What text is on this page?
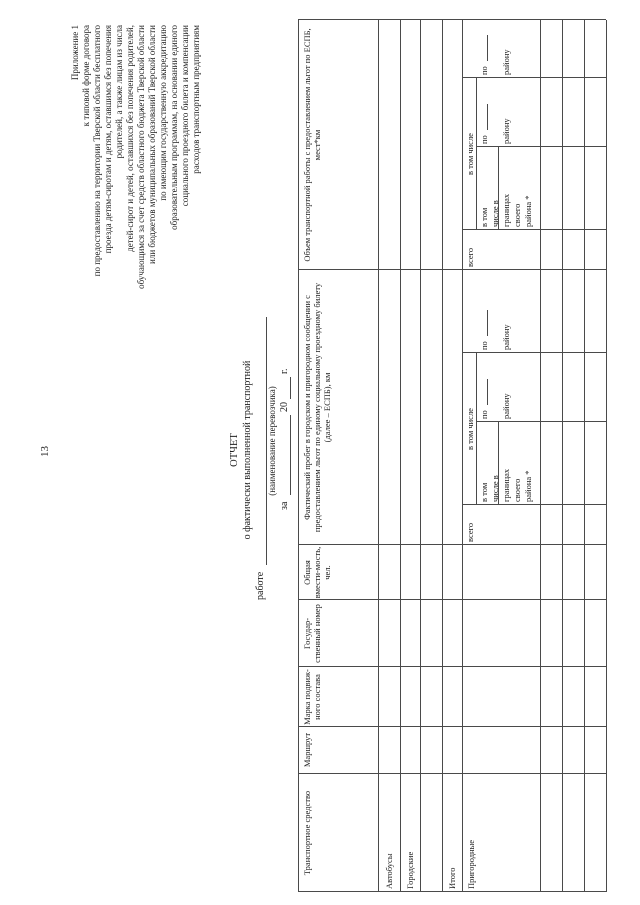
13
Приложение 1 к типовой форме договора по предоставлению на территории Тверской области бесплатного проезда детям-сиротам и детям, оставшимся без попечения родителей, а также лицам из числа детей-сирот и детей, оставшихся без попечения родителей, обучающимся за счет средств областного бюджета Тверской области или бюджетов муниципальных образований Тверской области по имеющим государственную аккредитацию образовательным программам, на основании единого социального проездного билета и компенсации расходов транспортным предприятиям
ОТЧЕТ о фактически выполненной транспортной
работе
(наименование перевозчика)
за
20
г.
Транспортное средство
Маршрут
Марка подвиж-ного состава
Государ-ственный номер
Общая вмести-мость, чел.
Фактический пробег в городском и пригородном сообщении с предоставлением льгот по единому социальному проездному билету (далее – ЕСПБ), км
Объем транспортной работы с предоставлением льгот по ЕСПБ, мест*км
всего
в том числе
в том числе в границах своего района *
по району
по району
всего
в том числе
в том числе в границах своего района *
по району
по району
Автобусы Городские	Итого Пригородные
